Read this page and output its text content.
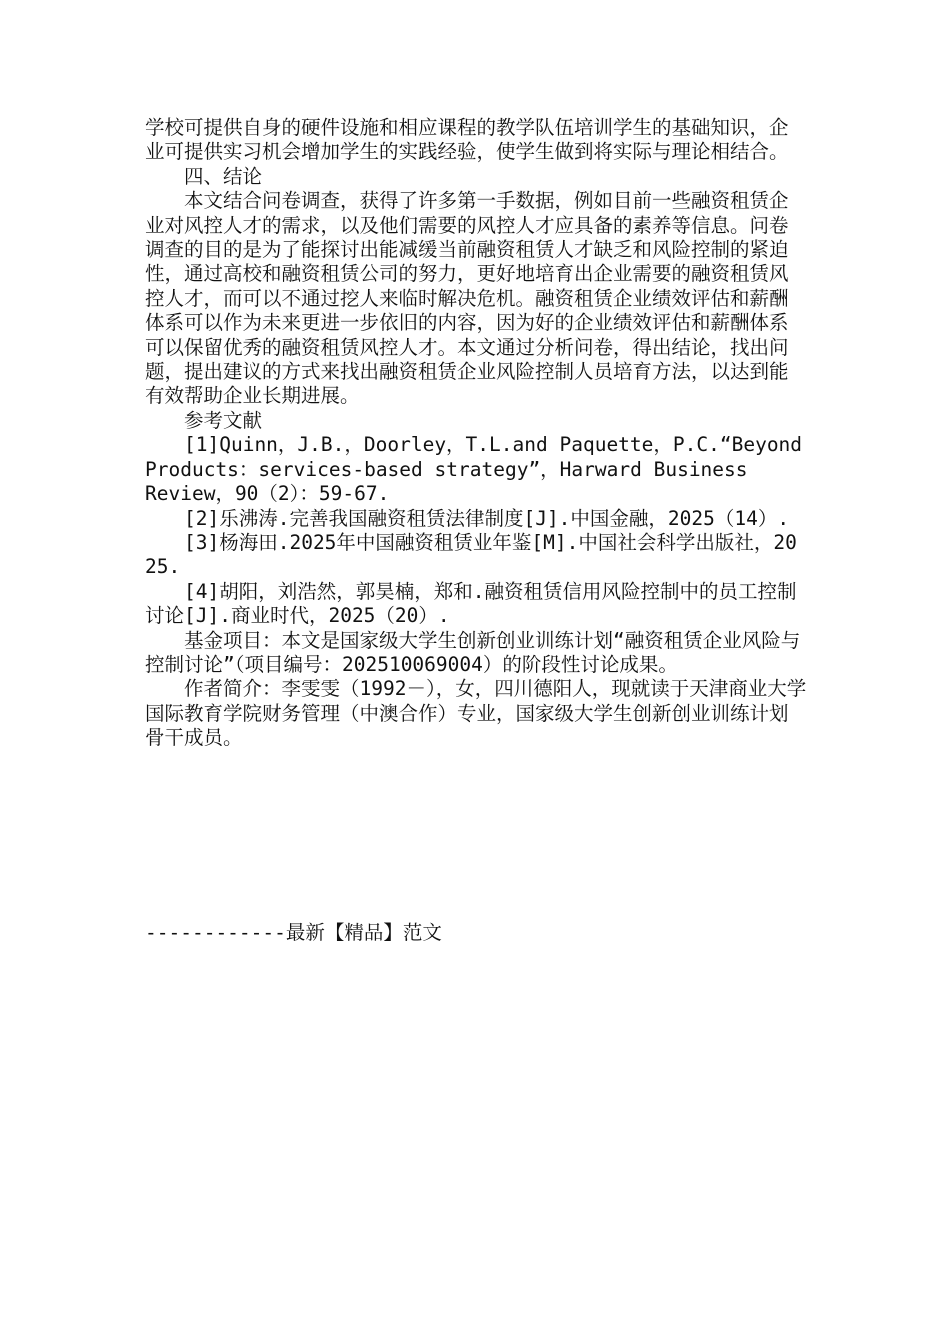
学校可提供自身的硬件设施和相应课程的教学队伍培训学生的基础知识，企业可提供实习机会增加学生的实践经验，使学生做到将实际与理论相结合。

四、结论

本文结合问卷调查，获得了许多第一手数据，例如目前一些融资租赁企业对风控人才的需求，以及他们需要的风控人才应具备的素养等信息。问卷调查的目的是为了能探讨出能减缓当前融资租赁人才缺乏和风险控制的紧迫性，通过高校和融资租赁公司的努力，更好地培育出企业需要的融资租赁风控人才，而可以不通过挖人来临时解决危机。融资租赁企业绩效评估和薪酬体系可以作为未来更进一步依旧的内容，因为好的企业绩效评估和薪酬体系可以保留优秀的融资租赁风控人才。本文通过分析问卷，得出结论，找出问题，提出建议的方式来找出融资租赁企业风险控制人员培育方法，以达到能有效帮助企业长期进展。

参考文献

[1]Quinn，J.B.，Doorley，T.L.and Paquette，P.C.“Beyond Products：services-based strategy”，Harward Business Review，90（2）：59-67.

[2]乐沸涛.完善我国融资租赁法律制度[J].中国金融，2025（14）.

[3]杨海田.2025年中国融资租赁业年鉴[M].中国社会科学出版社，2025.

[4]胡阳，刘浩然，郭昊楠，郑和.融资租赁信用风险控制中的员工控制讨论[J].商业时代，2025（20）.

基金项目：本文是国家级大学生创新创业训练计划“融资租赁企业风险与控制讨论”（项目编号：202510069004）的阶段性讨论成果。

作者简介：李雯雯（1992－），女，四川德阳人，现就读于天津商业大学国际教育学院财务管理（中澳合作）专业，国家级大学生创新创业训练计划骨干成员。

------------最新【精品】范文
